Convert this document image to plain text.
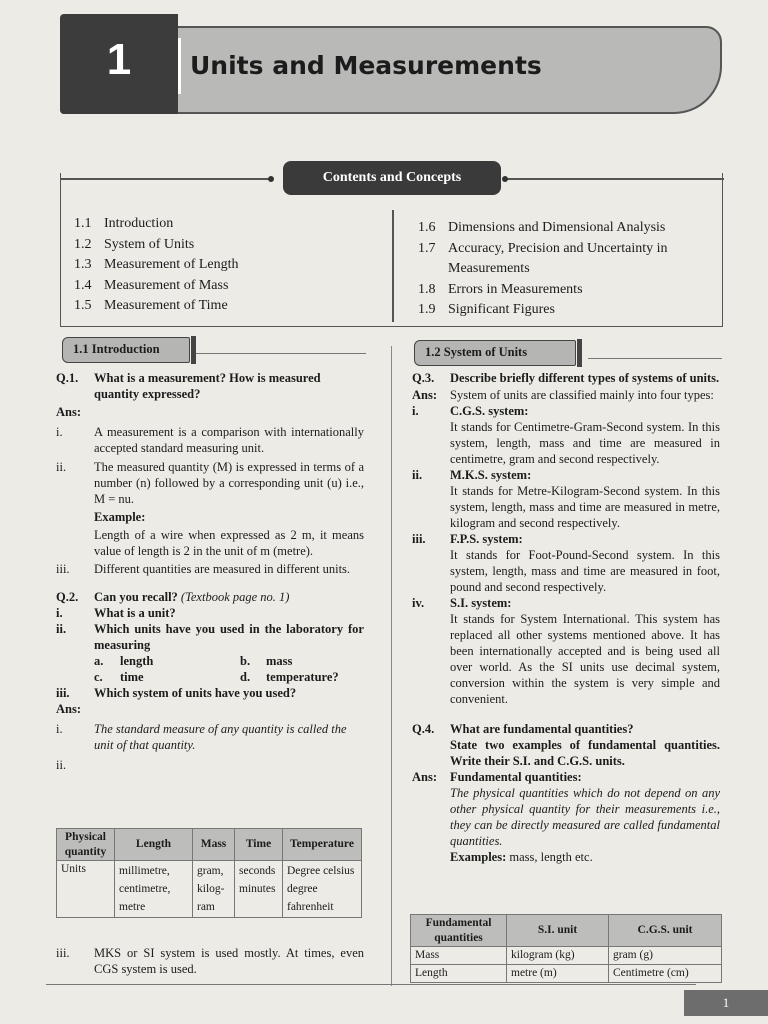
1	Units and Measurements
Contents and Concepts
1.1 Introduction
1.2 System of Units
1.3 Measurement of Length
1.4 Measurement of Mass
1.5 Measurement of Time
1.6 Dimensions and Dimensional Analysis
1.7 Accuracy, Precision and Uncertainty in
Measurements
1.8 Errors in Measurements
1.9 Significant Figures
1.1 Introduction	1.2 System of Units
Q.1.	What is a measurement? How is measured quantity expressed?
Ans:
i.	A measurement is a comparison with internationally accepted standard measuring unit.
ii.	The measured quantity (M) is expressed in terms of a number (n) followed by a corresponding unit (u) i.e., M = nu.
Example:
Length of a wire when expressed as 2 m, it means value of length is 2 in the unit of m (metre).
iii.	Different quantities are measured in different units.
Q.2.	Can you recall? (Textbook page no. 1)
i.	What is a unit?
ii.	Which units have you used in the laboratory for measuring
a.	length	b.	mass
c.	time	d.	temperature?
iii.	Which system of units have you used?
Ans:
i.	The standard measure of any quantity is called the unit of that quantity.
ii.
Physical quantity	Length	Mass	Time	Temperature
Units	millimetre, centimetre, metre	gram, kilog-ram	seconds minutes	Degree celsius degree fahrenheit
iii.	MKS or SI system is used mostly. At times, even CGS system is used.
Q.3.	Describe briefly different types of systems of units.
Ans:	System of units are classified mainly into four types:
i.	C.G.S. system:

It stands for Centimetre-Gram-Second system. In this system, length, mass and time are measured in centimetre, gram and second respectively.
ii.	M.K.S. system:

It stands for Metre-Kilogram-Second system. In this system, length, mass and time are measured in metre, kilogram and second respectively.
iii.	F.P.S. system:

It stands for Foot-Pound-Second system. In this system, length, mass and time are measured in foot, pound and second respectively.
iv.	S.I. system:

It stands for System International. This system has replaced all other systems mentioned above. It has been internationally accepted and is being used all over world. As the SI units use decimal system, conversion within the system is very simple and convenient.
Q.4.	What are fundamental quantities?
State two examples of fundamental quantities. Write their S.I. and C.G.S. units.
Ans:	Fundamental quantities:
The physical quantities which do not depend on any other physical quantity for their measurements i.e., they can be directly measured are called fundamental quantities.
Examples: mass, length etc.
Fundamental quantities	S.I. unit	C.G.S. unit
Mass	kilogram (kg)	gram (g)
Length	metre (m)	Centimetre (cm)
1
